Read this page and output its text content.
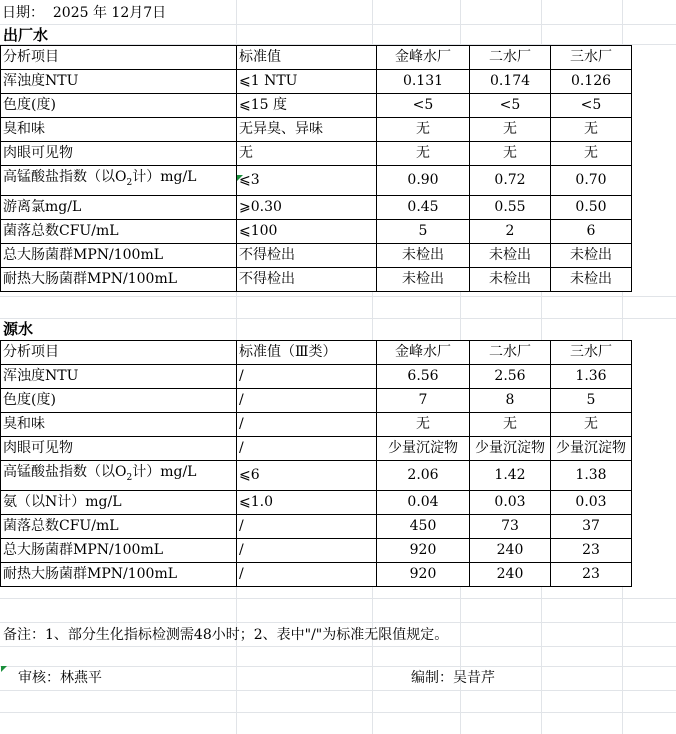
日期：  2025 年 12月7日
出厂水
分析项目	标准值	金峰水厂	二水厂	三水厂
浑浊度NTU	⩽1 NTU	0.131	0.174	0.126
色度(度)	⩽15 度	<5	<5	<5
臭和味	无异臭、异味	无	无	无
肉眼可见物	无	无	无	无
高锰酸盐指数（以$O_2$计）mg/L	⩽3	0.90	0.72	0.70
游离氯mg/L	⩾0.30	0.45	0.55	0.50
菌落总数CFU/mL	⩽100	5	2	6
总大肠菌群MPN/100mL	不得检出	未检出	未检出	未检出
耐热大肠菌群MPN/100mL	不得检出	未检出	未检出	未检出
源水
分析项目	标准值（Ⅲ类）	金峰水厂	二水厂	三水厂
浑浊度NTU	/	6.56	2.56	1.36
色度(度)	/	7	8	5
臭和味	/	无	无	无
肉眼可见物	/	少量沉淀物	少量沉淀物	少量沉淀物
高锰酸盐指数（以$O_2$计）mg/L	⩽6	2.06	1.42	1.38
氨（以N计）mg/L	⩽1.0	0.04	0.03	0.03
菌落总数CFU/mL	/	450	73	37
总大肠菌群MPN/100mL	/	920	240	23
耐热大肠菌群MPN/100mL	/	920	240	23
备注：1、部分生化指标检测需48小时；2、表中"/"为标准无限值规定。
审核：林燕平	编制：吴昔芹
